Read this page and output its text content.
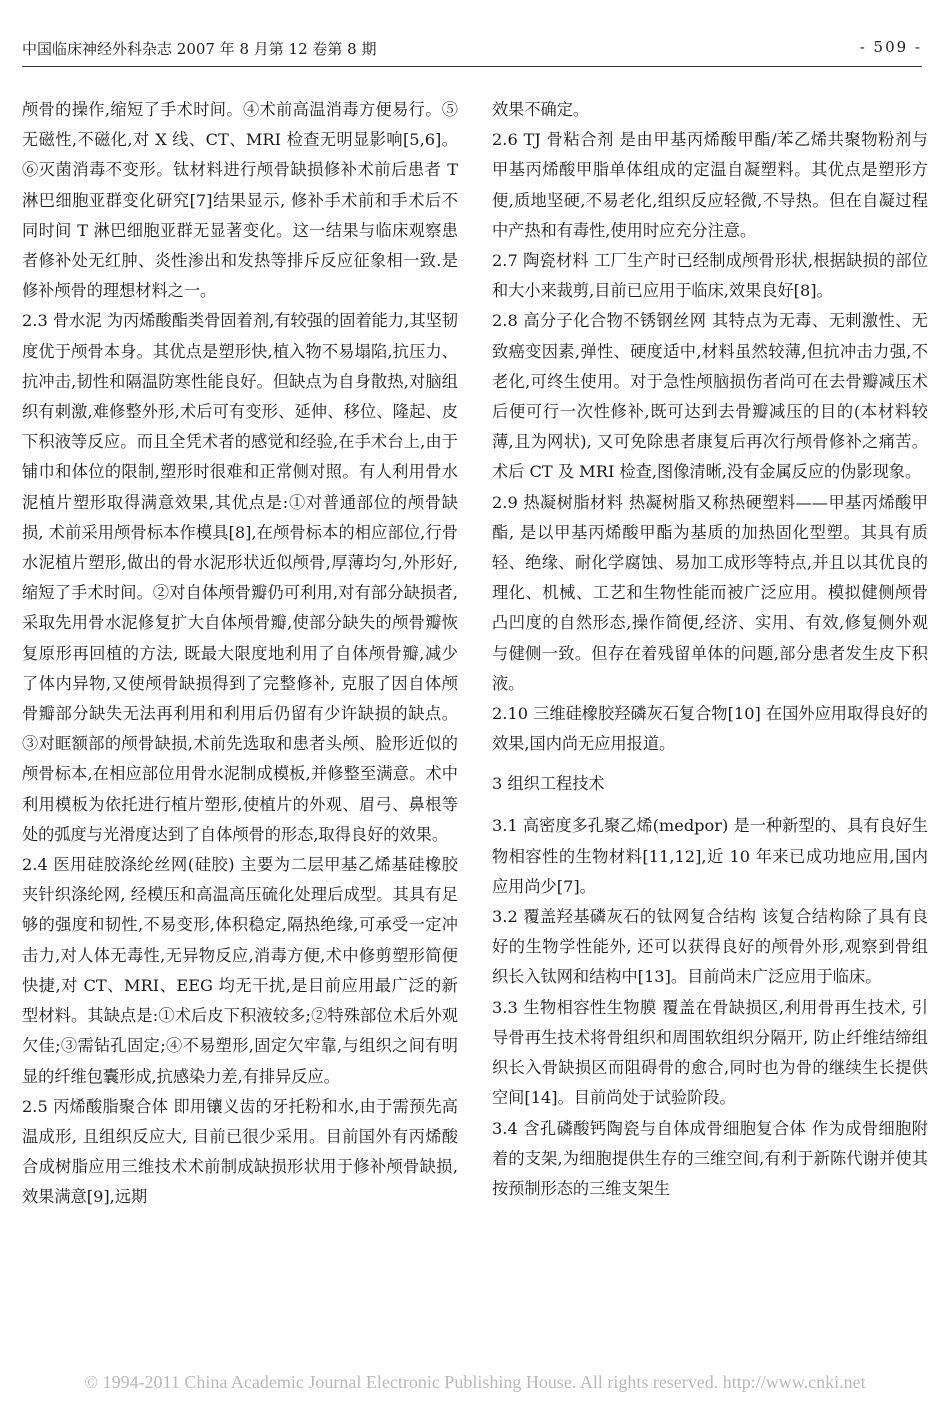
中国临床神经外科杂志 2007 年 8 月第 12 卷第 8 期	- 509 -

颅骨的操作,缩短了手术时间。④术前高温消毒方便易行。⑤无磁性,不磁化,对 X 线、CT、MRI 检查无明显影响[5,6]。⑥灭菌消毒不变形。钛材料进行颅骨缺损修补术前后患者 T 淋巴细胞亚群变化研究[7]结果显示, 修补手术前和手术后不同时间 T 淋巴细胞亚群无显著变化。这一结果与临床观察患者修补处无红肿、炎性渗出和发热等排斥反应征象相一致.是修补颅骨的理想材料之一。

2.3 骨水泥 为丙烯酸酯类骨固着剂,有较强的固着能力,其坚韧度优于颅骨本身。其优点是塑形快,植入物不易塌陷,抗压力、抗冲击,韧性和隔温防寒性能良好。但缺点为自身散热,对脑组织有刺激,难修整外形,术后可有变形、延伸、移位、隆起、皮下积液等反应。而且全凭术者的感觉和经验,在手术台上,由于铺巾和体位的限制,塑形时很难和正常侧对照。有人利用骨水泥植片塑形取得满意效果,其优点是:①对普通部位的颅骨缺损, 术前采用颅骨标本作模具[8],在颅骨标本的相应部位,行骨水泥植片塑形,做出的骨水泥形状近似颅骨,厚薄均匀,外形好,缩短了手术时间。②对自体颅骨瓣仍可利用,对有部分缺损者,采取先用骨水泥修复扩大自体颅骨瓣,使部分缺失的颅骨瓣恢复原形再回植的方法, 既最大限度地利用了自体颅骨瓣,减少了体内异物,又使颅骨缺损得到了完整修补, 克服了因自体颅骨瓣部分缺失无法再利用和利用后仍留有少许缺损的缺点。③对眶额部的颅骨缺损,术前先选取和患者头颅、脸形近似的颅骨标本,在相应部位用骨水泥制成模板,并修整至满意。术中利用模板为依托进行植片塑形,使植片的外观、眉弓、鼻根等处的弧度与光滑度达到了自体颅骨的形态,取得良好的效果。

2.4 医用硅胶涤纶丝网(硅胶) 主要为二层甲基乙烯基硅橡胶夹针织涤纶网, 经模压和高温高压硫化处理后成型。其具有足够的强度和韧性,不易变形,体积稳定,隔热绝缘,可承受一定冲击力,对人体无毒性,无异物反应,消毒方便,术中修剪塑形简便快捷,对 CT、MRI、EEG 均无干扰,是目前应用最广泛的新型材料。其缺点是:①术后皮下积液较多;②特殊部位术后外观欠佳;③需钻孔固定;④不易塑形,固定欠牢靠,与组织之间有明显的纤维包囊形成,抗感染力差,有排异反应。

2.5 丙烯酸脂聚合体 即用镶义齿的牙托粉和水,由于需预先高温成形, 且组织反应大, 目前已很少采用。目前国外有丙烯酸合成树脂应用三维技术术前制成缺损形状用于修补颅骨缺损,效果满意[9],远期

效果不确定。

2.6 TJ 骨粘合剂 是由甲基丙烯酸甲酯/苯乙烯共聚物粉剂与甲基丙烯酸甲脂单体组成的定温自凝塑料。其优点是塑形方便,质地坚硬,不易老化,组织反应轻微,不导热。但在自凝过程中产热和有毒性,使用时应充分注意。

2.7 陶瓷材料 工厂生产时已经制成颅骨形状,根据缺损的部位和大小来裁剪,目前已应用于临床,效果良好[8]。

2.8 高分子化合物不锈钢丝网 其特点为无毒、无刺激性、无致癌变因素,弹性、硬度适中,材料虽然较薄,但抗冲击力强,不老化,可终生使用。对于急性颅脑损伤者尚可在去骨瓣减压术后便可行一次性修补,既可达到去骨瓣减压的目的(本材料较薄,且为网状), 又可免除患者康复后再次行颅骨修补之痛苦。术后 CT 及 MRI 检查,图像清晰,没有金属反应的伪影现象。

2.9 热凝树脂材料 热凝树脂又称热硬塑料——甲基丙烯酸甲酯, 是以甲基丙烯酸甲酯为基质的加热固化型塑。其具有质轻、绝缘、耐化学腐蚀、易加工成形等特点,并且以其优良的理化、机械、工艺和生物性能而被广泛应用。模拟健侧颅骨凸凹度的自然形态,操作简便,经济、实用、有效,修复侧外观与健侧一致。但存在着残留单体的问题,部分患者发生皮下积液。

2.10 三维硅橡胶羟磷灰石复合物[10] 在国外应用取得良好的效果,国内尚无应用报道。

3 组织工程技术

3.1 高密度多孔聚乙烯(medpor) 是一种新型的、具有良好生物相容性的生物材料[11,12],近 10 年来已成功地应用,国内应用尚少[7]。

3.2 覆盖羟基磷灰石的钛网复合结构 该复合结构除了具有良好的生物学性能外, 还可以获得良好的颅骨外形,观察到骨组织长入钛网和结构中[13]。目前尚未广泛应用于临床。

3.3 生物相容性生物膜 覆盖在骨缺损区,利用骨再生技术, 引导骨再生技术将骨组织和周围软组织分隔开, 防止纤维结缔组织长入骨缺损区而阻碍骨的愈合,同时也为骨的继续生长提供空间[14]。目前尚处于试验阶段。

3.4 含孔磷酸钙陶瓷与自体成骨细胞复合体 作为成骨细胞附着的支架,为细胞提供生存的三维空间,有利于新陈代谢并使其按预制形态的三维支架生

© 1994-2011 China Academic Journal Electronic Publishing House. All rights reserved. http://www.cnki.net
